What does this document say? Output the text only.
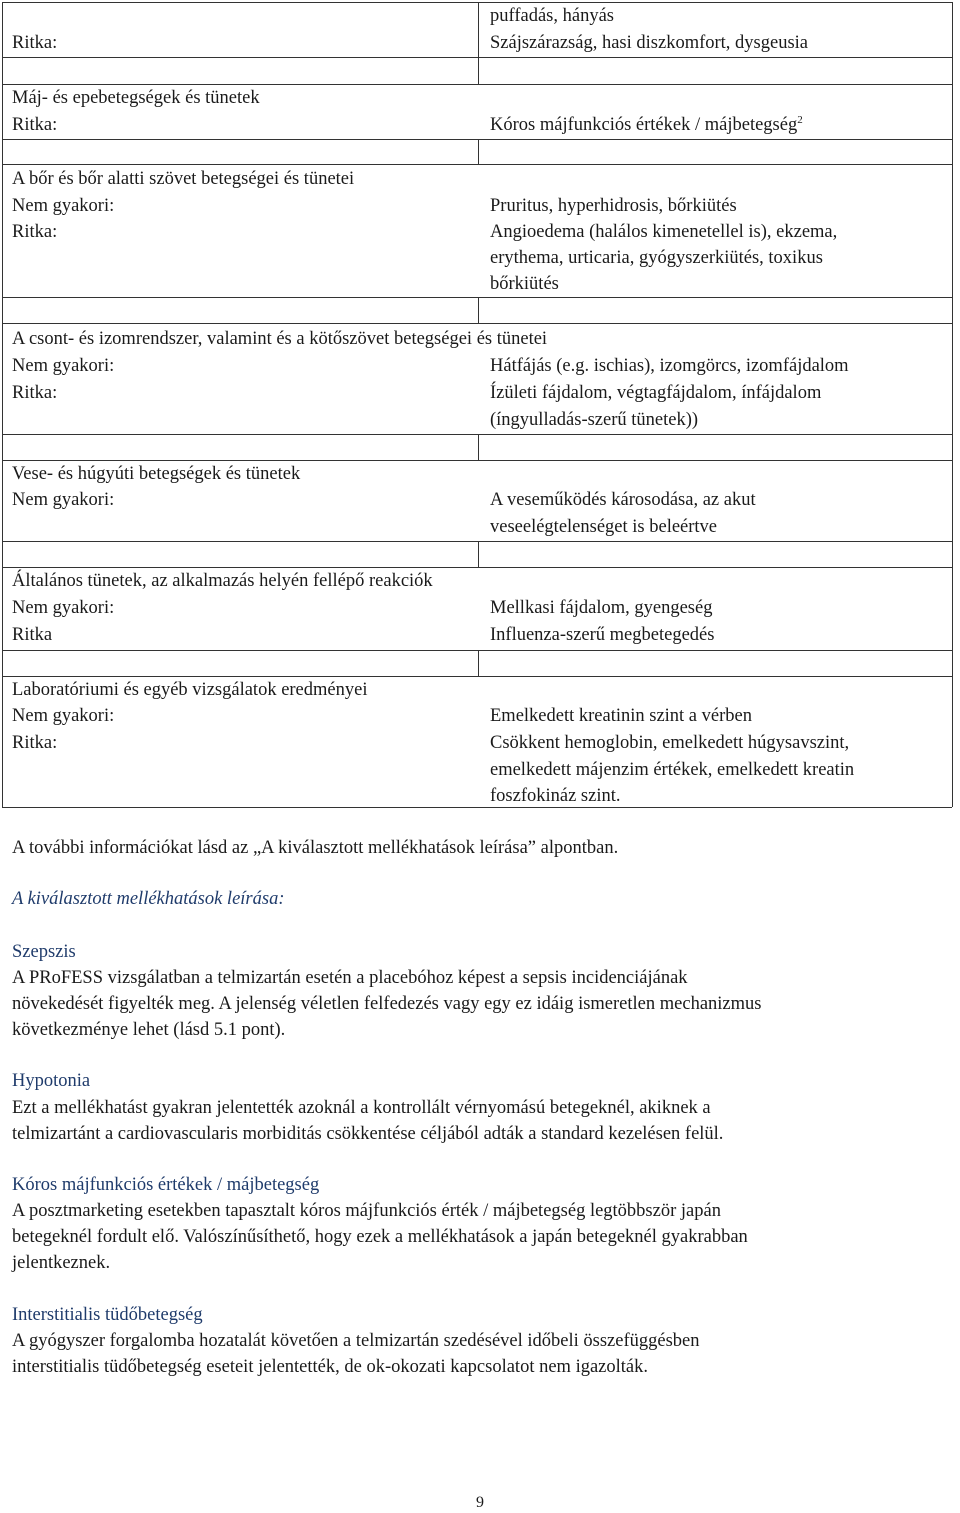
puffadás, hányás
Ritka:	Szájszárazság, hasi diszkomfort, dysgeusia
Máj- és epebetegségek és tünetek
Ritka:	Kóros májfunkciós értékek / májbetegség$^2$
A bőr és bőr alatti szövet betegségei és tünetei
Nem gyakori:	Pruritus, hyperhidrosis, bőrkiütés
Ritka:	Angioedema (halálos kimenetellel is), ekzema,
erythema, urticaria, gyógyszerkiütés, toxikus
bőrkiütés
A csont- és izomrendszer, valamint és a kötőszövet betegségei és tünetei
Nem gyakori:	Hátfájás (e.g. ischias), izomgörcs, izomfájdalom
Ritka:	Ízületi fájdalom, végtagfájdalom, ínfájdalom
(íngyulladás-szerű tünetek))
Vese- és húgyúti betegségek és tünetek
Nem gyakori:	A veseműködés károsodása, az akut
veseelégtelenséget is beleértve
Általános tünetek, az alkalmazás helyén fellépő reakciók
Nem gyakori:	Mellkasi fájdalom, gyengeség
Ritka	Influenza-szerű megbetegedés
Laboratóriumi és egyéb vizsgálatok eredményei
Nem gyakori:	Emelkedett kreatinin szint a vérben
Ritka:	Csökkent hemoglobin, emelkedett húgysavszint,
emelkedett májenzim értékek, emelkedett kreatin
foszfokináz szint.
A további információkat lásd az „A kiválasztott mellékhatások leírása” alpontban.
A kiválasztott mellékhatások leírása:
Szepszis
A PRoFESS vizsgálatban a telmizartán esetén a placebóhoz képest a sepsis incidenciájának
növekedését figyelték meg. A jelenség véletlen felfedezés vagy egy ez idáig ismeretlen mechanizmus
következménye lehet (lásd 5.1 pont).
Hypotonia
Ezt a mellékhatást gyakran jelentették azoknál a kontrollált vérnyomású betegeknél, akiknek a
telmizartánt a cardiovascularis morbiditás csökkentése céljából adták a standard kezelésen felül.
Kóros májfunkciós értékek / májbetegség
A posztmarketing esetekben tapasztalt kóros májfunkciós érték / májbetegség legtöbbször japán
betegeknél fordult elő. Valószínűsíthető, hogy ezek a mellékhatások a japán betegeknél gyakrabban
jelentkeznek.
Interstitialis tüdőbetegség
A gyógyszer forgalomba hozatalát követően a telmizartán szedésével időbeli összefüggésben
interstitialis tüdőbetegség eseteit jelentették, de ok-okozati kapcsolatot nem igazolták.
9
